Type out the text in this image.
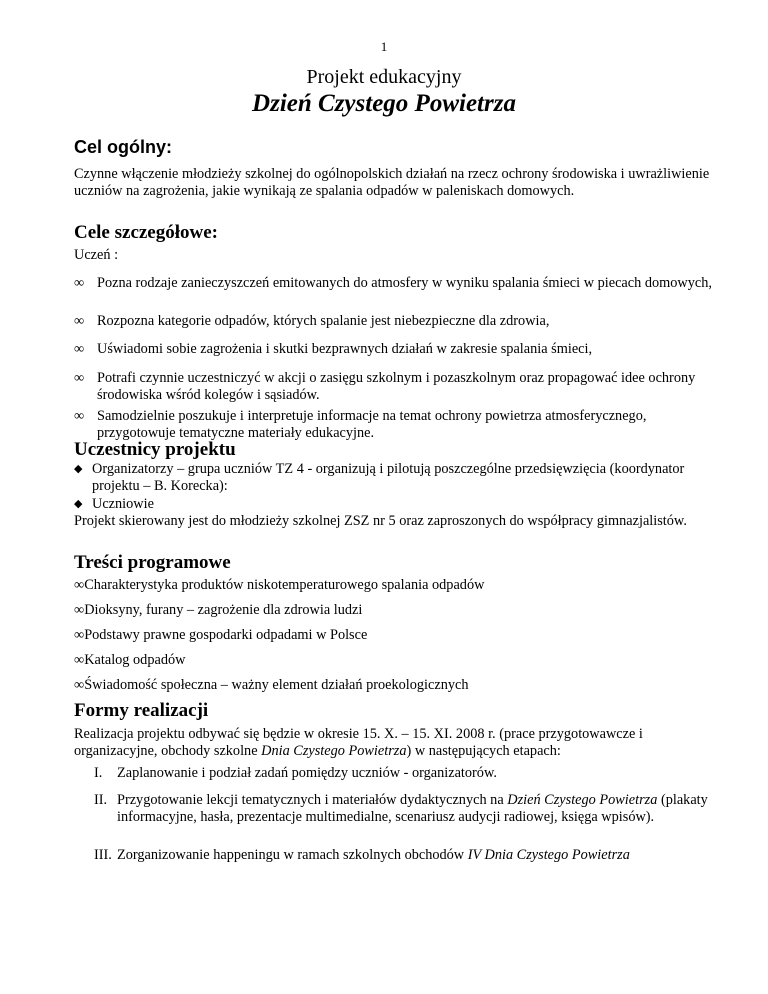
1
Projekt edukacyjny
Dzień Czystego Powietrza
Cel ogólny:
Czynne włączenie młodzieży szkolnej do ogólnopolskich działań na rzecz ochrony środowiska i uwrażliwienie uczniów na zagrożenia, jakie wynikają ze spalania odpadów w paleniskach domowych.
Cele szczegółowe:
Uczeń :
∞ Pozna rodzaje zanieczyszczeń emitowanych do atmosfery w wyniku spalania śmieci w piecach domowych,
∞ Rozpozna kategorie odpadów, których spalanie jest niebezpieczne dla zdrowia,
∞ Uświadomi sobie zagrożenia i skutki bezprawnych działań w zakresie spalania śmieci,
∞ Potrafi czynnie uczestniczyć w akcji o zasięgu szkolnym i pozaszkolnym oraz propagować idee ochrony środowiska wśród kolegów i sąsiadów.
∞ Samodzielnie poszukuje i interpretuje informacje na temat ochrony powietrza atmosferycznego, przygotowuje tematyczne materiały edukacyjne.
Uczestnicy projektu
◆ Organizatorzy – grupa uczniów TZ 4 - organizują i pilotują poszczególne przedsięwzięcia (koordynator projektu – B. Korecka):
◆ Uczniowie
Projekt skierowany jest do młodzieży szkolnej ZSZ nr 5 oraz zaproszonych do współpracy gimnazjalistów.
Treści programowe
∞Charakterystyka produktów niskotemperaturowego spalania odpadów
∞Dioksyny, furany – zagrożenie dla zdrowia ludzi
∞Podstawy prawne gospodarki odpadami w Polsce
∞Katalog odpadów
∞Świadomość społeczna – ważny element działań proekologicznych
Formy realizacji
Realizacja projektu odbywać się będzie w okresie 15. X. – 15. XI. 2008 r. (prace przygotowawcze i organizacyjne, obchody szkolne Dnia Czystego Powietrza) w następujących etapach:
I. Zaplanowanie i podział zadań pomiędzy uczniów - organizatorów.
II. Przygotowanie lekcji tematycznych i materiałów dydaktycznych na Dzień Czystego Powietrza (plakaty informacyjne, hasła, prezentacje multimedialne, scenariusz audycji radiowej, księga wpisów).
III. Zorganizowanie happeningu w ramach szkolnych obchodów IV Dnia Czystego Powietrza
